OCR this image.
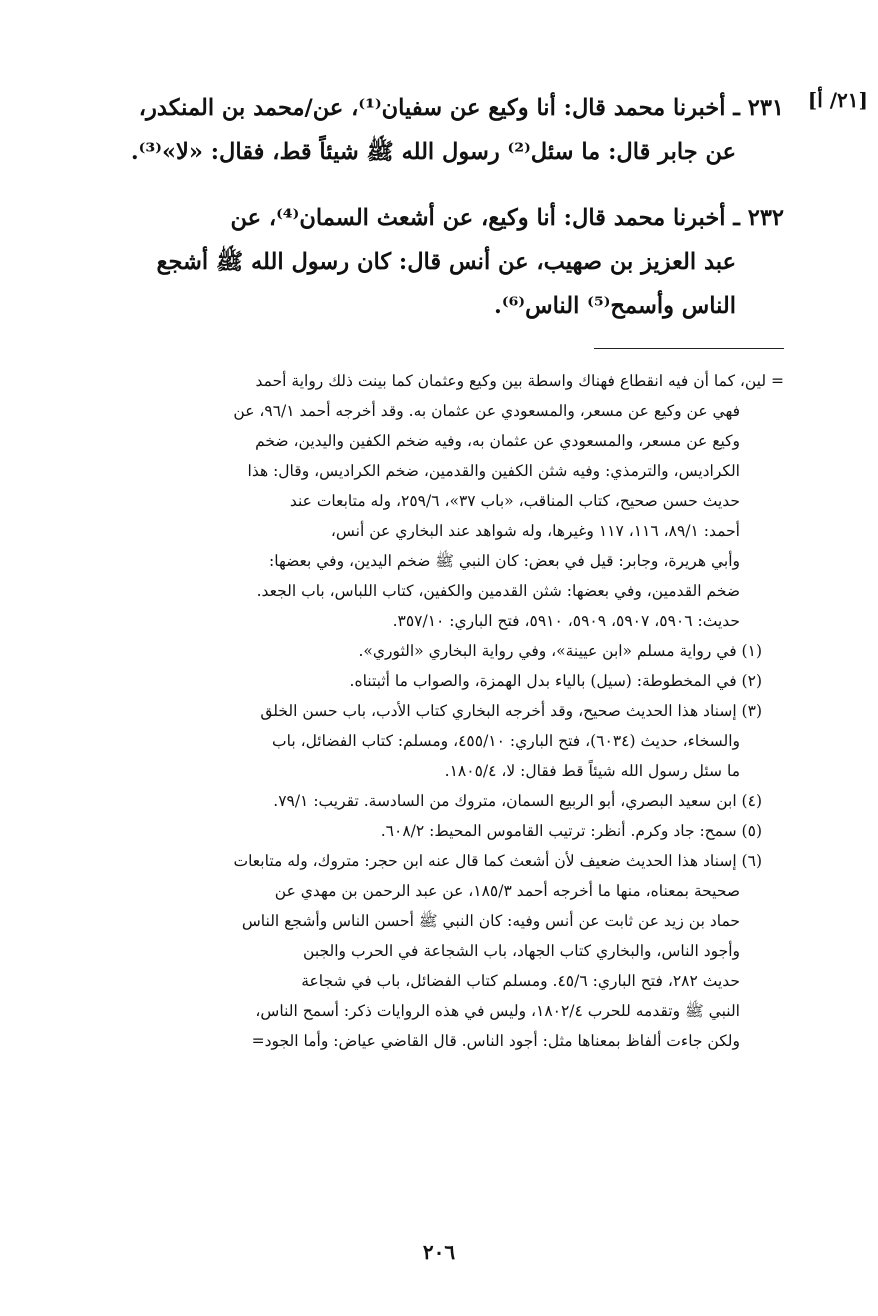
[٢١/ أ]
٢٣١ ـ أخبرنا محمد قال: أنا وكيع عن سفيان⁽¹⁾، عن/محمد بن المنكدر،
عن جابر قال: ما سئل⁽²⁾ رسول الله ﷺ شيئاً قط، فقال: «لا»⁽³⁾.
٢٣٢ ـ أخبرنا محمد قال: أنا وكيع، عن أشعث السمان⁽⁴⁾، عن
عبد العزيز بن صهيب، عن أنس قال: كان رسول الله ﷺ أشجع
الناس وأسمح⁽⁵⁾ الناس⁽⁶⁾.
= لين، كما أن فيه انقطاع فهناك واسطة بين وكيع وعثمان كما بينت ذلك رواية أحمد
فهي عن وكيع عن مسعر، والمسعودي عن عثمان به. وقد أخرجه أحمد ٩٦/١، عن
وكيع عن مسعر، والمسعودي عن عثمان به، وفيه ضخم الكفين واليدين، ضخم
الكراديس، والترمذي: وفيه شثن الكفين والقدمين، ضخم الكراديس، وقال: هذا
حديث حسن صحيح، كتاب المناقب، «باب ٣٧»، ٢٥٩/٦، وله متابعات عند
أحمد: ٨٩/١، ١١٦، ١١٧ وغيرها، وله شواهد عند البخاري عن أنس،
وأبي هريرة، وجابر: قيل في بعض: كان النبي ﷺ ضخم اليدين، وفي بعضها:
ضخم القدمين، وفي بعضها: شثن القدمين والكفين، كتاب اللباس، باب الجعد.
حديث: ٥٩٠٦، ٥٩٠٧، ٥٩٠٩، ٥٩١٠، فتح الباري: ٣٥٧/١٠.
(١) في رواية مسلم «ابن عيينة»، وفي رواية البخاري «الثوري».
(٢) في المخطوطة: (سيل) بالياء بدل الهمزة، والصواب ما أثبتناه.
(٣) إسناد هذا الحديث صحيح، وقد أخرجه البخاري كتاب الأدب، باب حسن الخلق
والسخاء، حديث (٦٠٣٤)، فتح الباري: ٤٥٥/١٠، ومسلم: كتاب الفضائل، باب
ما سئل رسول الله شيئاً قط فقال: لا، ١٨٠٥/٤.
(٤) ابن سعيد البصري، أبو الربيع السمان، متروك من السادسة. تقريب: ٧٩/١.
(٥) سمح: جاد وكرم. أنظر: ترتيب القاموس المحيط: ٦٠٨/٢.
(٦) إسناد هذا الحديث ضعيف لأن أشعث كما قال عنه ابن حجر: متروك، وله متابعات
صحيحة بمعناه، منها ما أخرجه أحمد ١٨٥/٣، عن عبد الرحمن بن مهدي عن
حماد بن زيد عن ثابت عن أنس وفيه: كان النبي ﷺ أحسن الناس وأشجع الناس
وأجود الناس، والبخاري كتاب الجهاد، باب الشجاعة في الحرب والجبن
حديث ٢٨٢، فتح الباري: ٤٥/٦. ومسلم كتاب الفضائل، باب في شجاعة
النبي ﷺ وتقدمه للحرب ١٨٠٢/٤، وليس في هذه الروايات ذكر: أسمح الناس،
ولكن جاءت ألفاظ بمعناها مثل: أجود الناس. قال القاضي عياض: وأما الجود=
٢٠٦
